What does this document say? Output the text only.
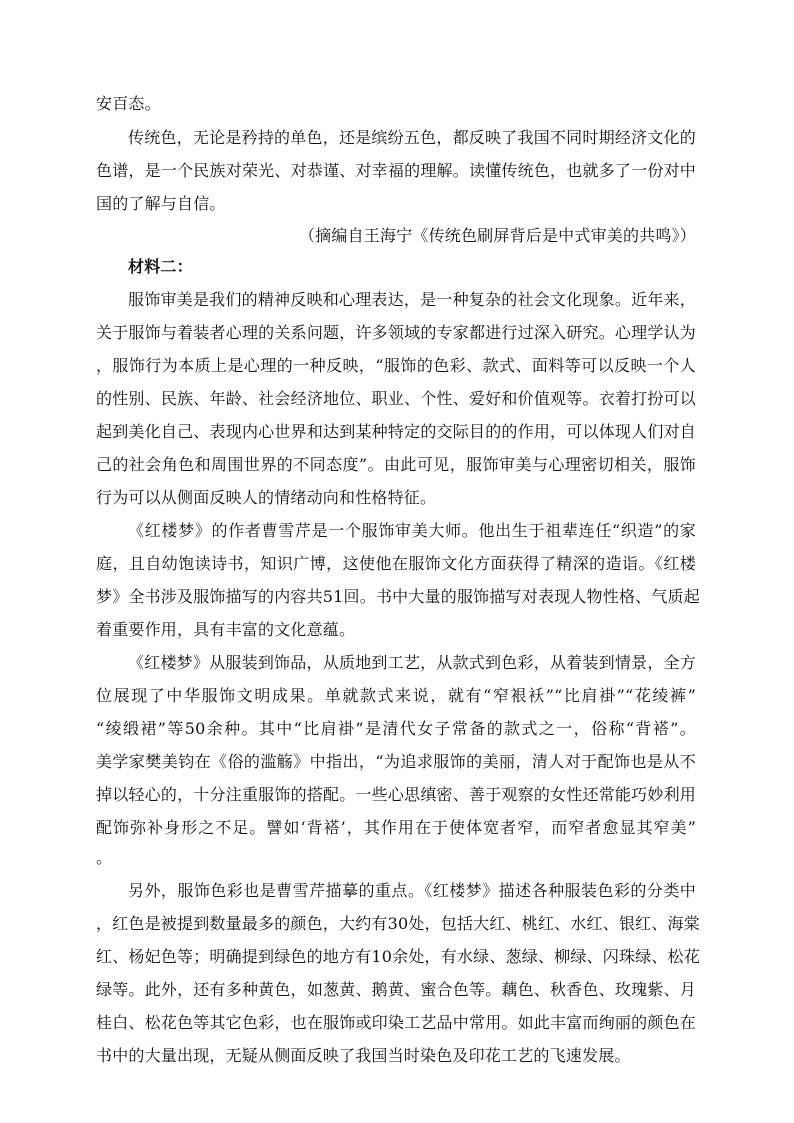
安百态。
传统色，无论是矜持的单色，还是缤纷五色，都反映了我国不同时期经济文化的
色谱，是一个民族对荣光、对恭谨、对幸福的理解。读懂传统色，也就多了一份对中
国的了解与自信。
（摘编自王海宁《传统色刷屏背后是中式审美的共鸣》）
材料二：
服饰审美是我们的精神反映和心理表达，是一种复杂的社会文化现象。近年来，
关于服饰与着装者心理的关系问题，许多领域的专家都进行过深入研究。心理学认为
，服饰行为本质上是心理的一种反映，“服饰的色彩、款式、面料等可以反映一个人
的性别、民族、年龄、社会经济地位、职业、个性、爱好和价值观等。衣着打扮可以
起到美化自己、表现内心世界和达到某种特定的交际目的的作用，可以体现人们对自
己的社会角色和周围世界的不同态度”。由此可见，服饰审美与心理密切相关，服饰
行为可以从侧面反映人的情绪动向和性格特征。
《红楼梦》的作者曹雪芹是一个服饰审美大师。他出生于祖辈连任“织造”的家
庭，且自幼饱读诗书，知识广博，这使他在服饰文化方面获得了精深的造诣。《红楼
梦》全书涉及服饰描写的内容共51回。书中大量的服饰描写对表现人物性格、气质起
着重要作用，具有丰富的文化意蕴。
《红楼梦》从服装到饰品，从质地到工艺，从款式到色彩，从着装到情景，全方
位展现了中华服饰文明成果。单就款式来说，就有“窄裉袄”“比肩褂”“花绫裤”
“绫缎裙”等50余种。其中“比肩褂”是清代女子常备的款式之一，俗称“背褡”。
美学家樊美钧在《俗的滥觞》中指出，“为追求服饰的美丽，清人对于配饰也是从不
掉以轻心的，十分注重服饰的搭配。一些心思缜密、善于观察的女性还常能巧妙利用
配饰弥补身形之不足。譬如‘背褡’，其作用在于使体宽者窄，而窄者愈显其窄美”
。
另外，服饰色彩也是曹雪芹描摹的重点。《红楼梦》描述各种服装色彩的分类中
，红色是被提到数量最多的颜色，大约有30处，包括大红、桃红、水红、银红、海棠
红、杨妃色等；明确提到绿色的地方有10余处，有水绿、葱绿、柳绿、闪珠绿、松花
绿等。此外，还有多种黄色，如葱黄、鹅黄、蜜合色等。藕色、秋香色、玫瑰紫、月
桂白、松花色等其它色彩，也在服饰或印染工艺品中常用。如此丰富而绚丽的颜色在
书中的大量出现，无疑从侧面反映了我国当时染色及印花工艺的飞速发展。
